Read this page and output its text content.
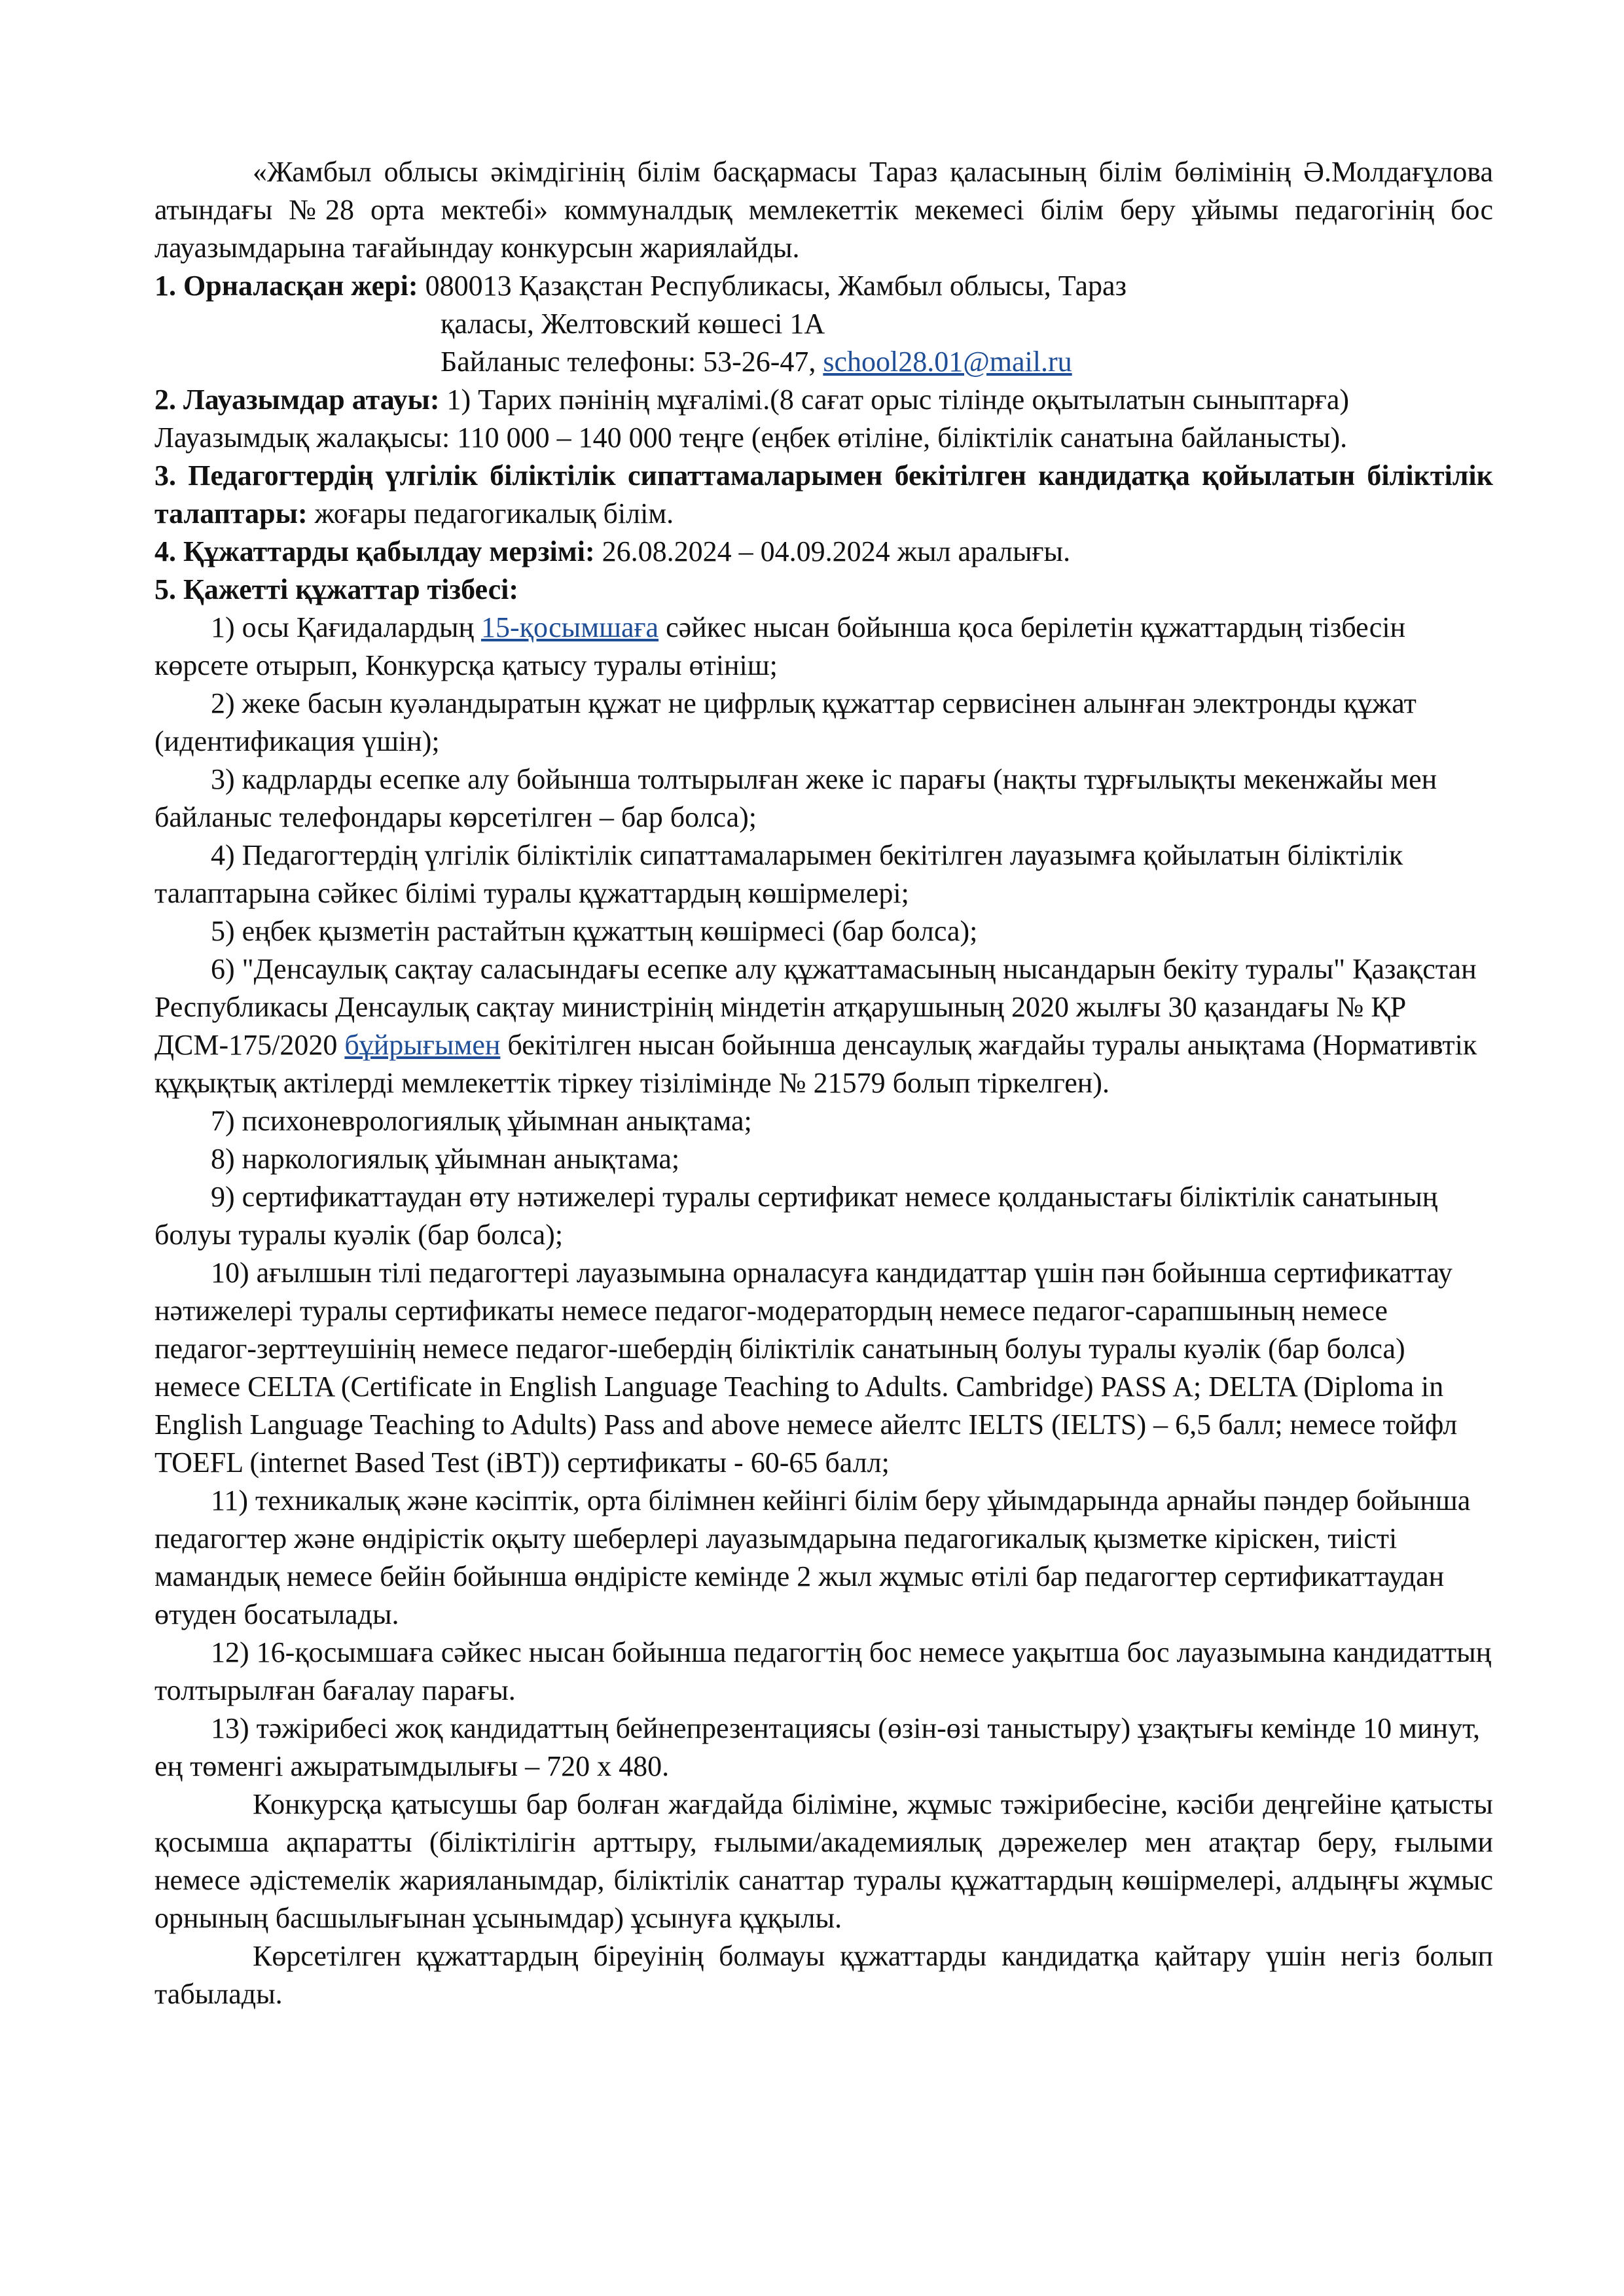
«Жамбыл облысы әкімдігінің білім басқармасы Тараз қаласының білім бөлімінің Ә.Молдағұлова атындағы №28 орта мектебі» коммуналдық мемлекеттік мекемесі білім беру ұйымы педагогінің бос лауазымдарына тағайындау конкурсын жариялайды.

1. Орналасқан жері: 080013 Қазақстан Республикасы, Жамбыл облысы, Тараз

қаласы, Желтовский көшесі 1А

Байланыс телефоны: 53-26-47, school28.01@mail.ru

2. Лауазымдар атауы: 1) Тарих пәнінің мұғалімі.(8 сағат орыс тілінде оқытылатын сыныптарға)

Лауазымдық жалақысы: 110 000 – 140 000 теңге (еңбек өтіліне, біліктілік санатына байланысты).

3. Педагогтердің үлгілік біліктілік сипаттамаларымен бекітілген кандидатқа қойылатын біліктілік талаптары: жоғары педагогикалық білім.

4. Құжаттарды қабылдау мерзімі: 26.08.2024 – 04.09.2024 жыл аралығы.

5. Қажетті құжаттар тізбесі:

1) осы Қағидалардың 15-қосымшаға сәйкес нысан бойынша қоса берілетін құжаттардың тізбесін көрсете отырып, Конкурсқа қатысу туралы өтініш;

2) жеке басын куәландыратын құжат не цифрлық құжаттар сервисінен алынған электронды құжат (идентификация үшін);

3) кадрларды есепке алу бойынша толтырылған жеке іс парағы (нақты тұрғылықты мекенжайы мен байланыс телефондары көрсетілген – бар болса);

4) Педагогтердің үлгілік біліктілік сипаттамаларымен бекітілген лауазымға қойылатын біліктілік талаптарына сәйкес білімі туралы құжаттардың көшірмелері;

5) еңбек қызметін растайтын құжаттың көшірмесі (бар болса);

6) "Денсаулық сақтау саласындағы есепке алу құжаттамасының нысандарын бекіту туралы" Қазақстан Республикасы Денсаулық сақтау министрінің міндетін атқарушының 2020 жылғы 30 қазандағы № ҚР ДСМ-175/2020 бұйрығымен бекітілген нысан бойынша денсаулық жағдайы туралы анықтама (Нормативтік құқықтық актілерді мемлекеттік тіркеу тізілімінде № 21579 болып тіркелген).

7) психоневрологиялық ұйымнан анықтама;

8) наркологиялық ұйымнан анықтама;

9) сертификаттаудан өту нәтижелері туралы сертификат немесе қолданыстағы біліктілік санатының болуы туралы куәлік (бар болса);

10) ағылшын тілі педагогтері лауазымына орналасуға кандидаттар үшін пән бойынша сертификаттау нәтижелері туралы сертификаты немесе педагог-модератордың немесе педагог-сарапшының немесе педагог-зерттеушінің немесе педагог-шебердің біліктілік санатының болуы туралы куәлік (бар болса) немесе CELTA (Certificate in English Language Teaching to Adults. Cambridge) PASS A; DELTA (Diploma in English Language Teaching to Adults) Pass and above немесе айелтс IELTS (IELTS) – 6,5 балл; немесе тойфл TOEFL (internet Based Test (iBT)) сертификаты - 60-65 балл;

11) техникалық және кәсіптік, орта білімнен кейінгі білім беру ұйымдарында арнайы пәндер бойынша педагогтер және өндірістік оқыту шеберлері лауазымдарына педагогикалық қызметке кіріскен, тиісті мамандық немесе бейін бойынша өндірісте кемінде 2 жыл жұмыс өтілі бар педагогтер сертификаттаудан өтуден босатылады.

12) 16-қосымшаға сәйкес нысан бойынша педагогтің бос немесе уақытша бос лауазымына кандидаттың толтырылған бағалау парағы.

13) тәжірибесі жоқ кандидаттың бейнепрезентациясы (өзін-өзі таныстыру) ұзақтығы кемінде 10 минут, ең төменгі ажыратымдылығы – 720 х 480.

Конкурсқа қатысушы бар болған жағдайда біліміне, жұмыс тәжірибесіне, кәсіби деңгейіне қатысты қосымша ақпаратты (біліктілігін арттыру, ғылыми/академиялық дәрежелер мен атақтар беру, ғылыми немесе әдістемелік жарияланымдар, біліктілік санаттар туралы құжаттардың көшірмелері, алдыңғы жұмыс орнының басшылығынан ұсынымдар) ұсынуға құқылы.

Көрсетілген құжаттардың біреуінің болмауы құжаттарды кандидатқа қайтару үшін негіз болып табылады.
